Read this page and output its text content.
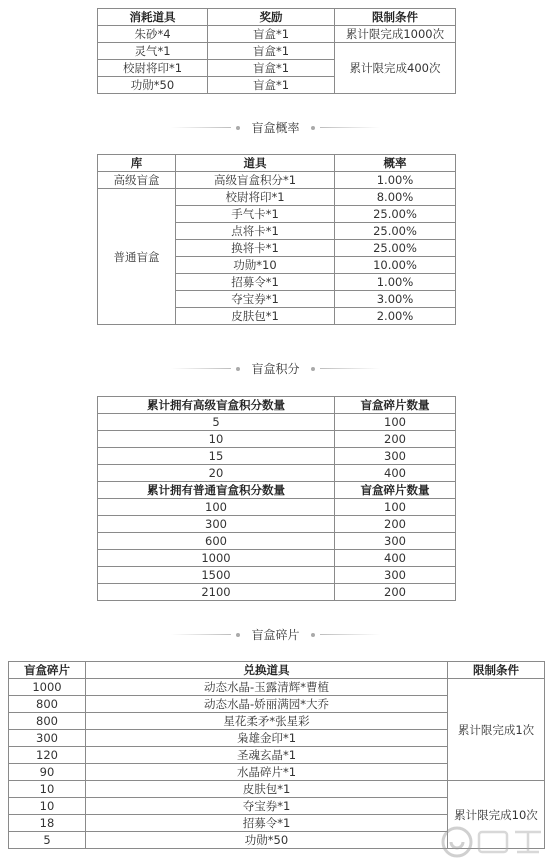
消耗道具	奖励	限制条件
朱砂*4	盲盒*1	累计限完成1000次
灵气*1	盲盒*1	累计限完成400次
校尉将印*1	盲盒*1	
功勋*50	盲盒*1	
盲盒概率
库	道具	概率
高级盲盒	高级盲盒积分*1	1.00%
普通盲盒	校尉将印*1	8.00%
	手气卡*1	25.00%
	点将卡*1	25.00%
	换将卡*1	25.00%
	功勋*10	10.00%
	招募令*1	1.00%
	夺宝券*1	3.00%
	皮肤包*1	2.00%
盲盒积分
累计拥有高级盲盒积分数量	盲盒碎片数量
5	100
10	200
15	300
20	400
累计拥有普通盲盒积分数量	盲盒碎片数量
100	100
300	200
600	300
1000	400
1500	300
2100	200
盲盒碎片
盲盒碎片	兑换道具	限制条件
1000	动态水晶-玉露清辉*曹植	累计限完成1次
800	动态水晶-娇丽满园*大乔	
800	星花柔矛*张星彩	
300	枭雄金印*1	
120	圣魂玄晶*1	
90	水晶碎片*1	
10	皮肤包*1	累计限完成10次
10	夺宝券*1	
18	招募令*1	
5	功勋*50	
